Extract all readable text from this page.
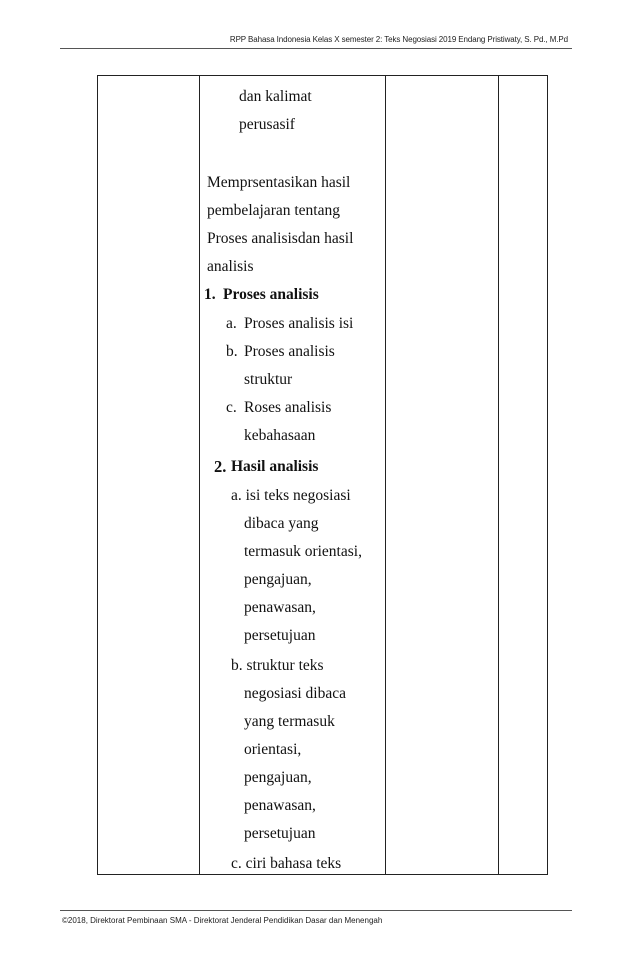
RPP Bahasa Indonesia Kelas X semester 2: Teks Negosiasi 2019 Endang Pristiwaty, S. Pd., M.Pd
dan kalimat
perusasif
Memprsentasikan hasil
pembelajaran tentang
Proses analisisdan hasil
analisis
1. Proses analisis
a. Proses analisis isi
b. Proses analisis
struktur
c. Roses analisis
kebahasaan
2. Hasil analisis
a. isi teks negosiasi
dibaca yang
termasuk orientasi,
pengajuan,
penawasan,
persetujuan
b. struktur teks
negosiasi dibaca
yang termasuk
orientasi,
pengajuan,
penawasan,
persetujuan
c. ciri bahasa teks
©2018, Direktorat Pembinaan SMA - Direktorat Jenderal Pendidikan Dasar dan Menengah
